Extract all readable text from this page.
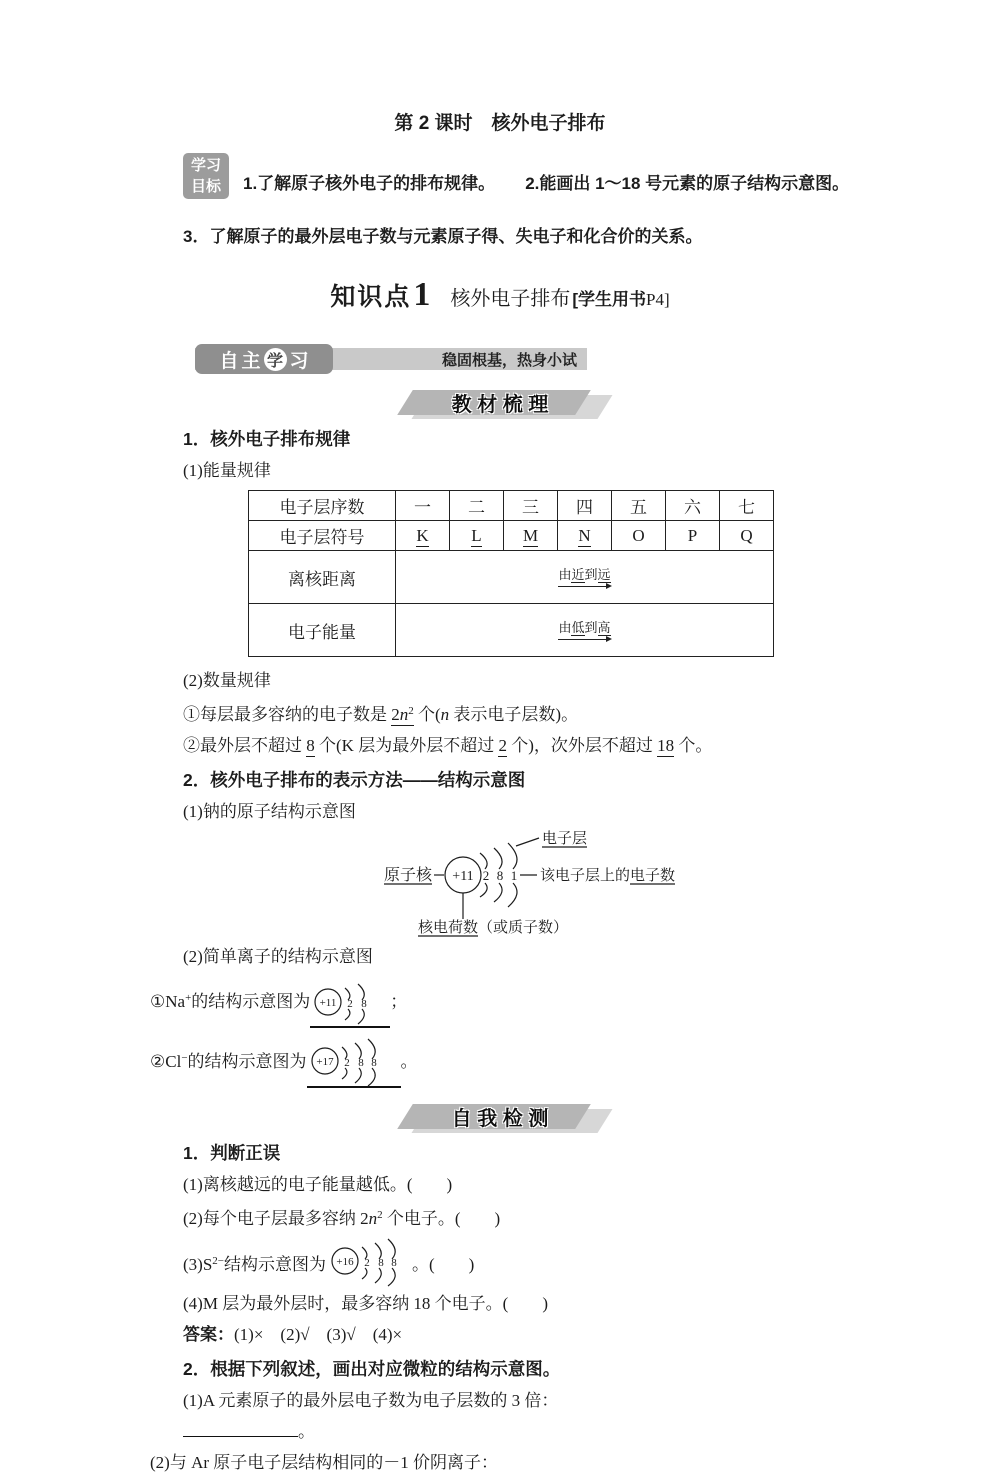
第 2 课时　核外电子排布
学习
目标	1.了解原子核外电子的排布规律。 2.能画出 1～18 号元素的原子结构示意图。

3．了解原子的最外层电子数与元素原子得、失电子和化合价的关系。

知识点 1 核外电子排布 [学生用书 P4]
稳固根基，热身小试
自 主 学 习
教 材 梳 理
1．核外电子排布规律

(1)能量规律

电子层序数	一	二	三	四	五	六	七
电子层符号	K	L	M	N	O	P	Q
离核距离	由近到远						

电子能量	由低到高						

(2)数量规律

①每层最多容纳的电子数是 $2n^2$ 个(n 表示电子层数)。

②最外层不超过 8 个(K 层为最外层不超过 2 个)，次外层不超过 18 个。

2．核外电子排布的表示方法——结构示意图

(1)钠的原子结构示意图

原子核 +11 2 8 1
电子层
该电子层上的电子数
核电荷数（或质子数）

(2)简单离子的结构示意图

①Na+的结构示意图为 +11 2 8 ；

②Cl−的结构示意图为 +17 2 8 8 。

自 我 检 测
1．判断正误

(1)离核越远的电子能量越低。(　　)

(2)每个电子层最多容纳 $2n^2$ 个电子。(　　)

$(3)S^{2-}$结构示意图为 +16 2 8 8 。(　　)

(4)M 层为最外层时，最多容纳 18 个电子。(　　)

答案：(1)×　(2)√　(3)√　(4)×

2．根据下列叙述，画出对应微粒的结构示意图。

(1)A 元素原子的最外层电子数为电子层数的 3 倍：

。

(2)与 Ar 原子电子层结构相同的－1 价阴离子：
